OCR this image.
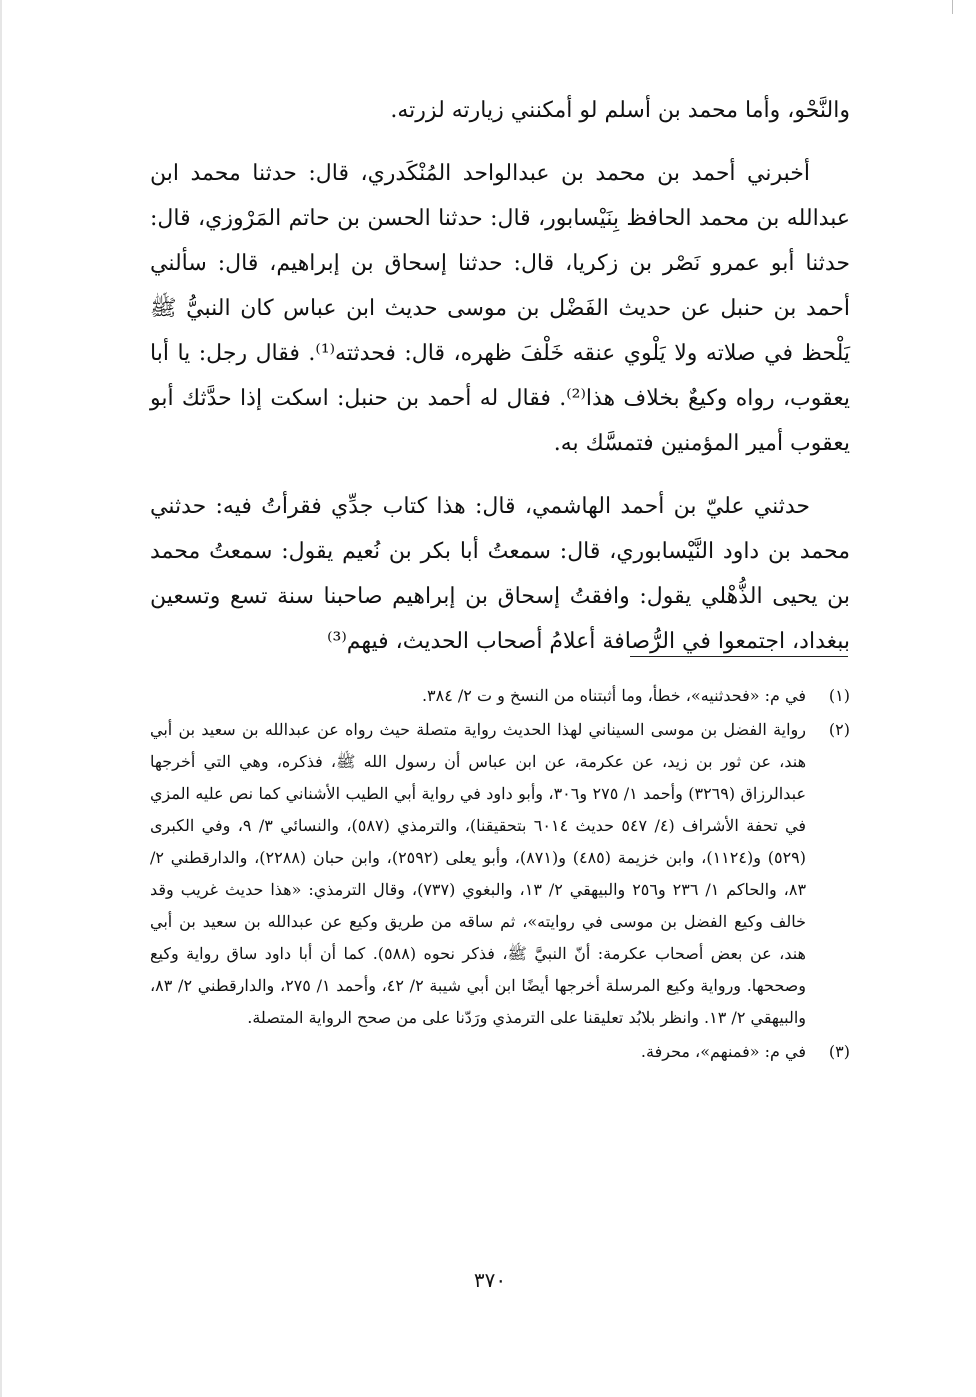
والنَّحْو، وأما محمد بن أسلم لو أمكنني زيارته لزرته.

أخبرني أحمد بن محمد بن عبدالواحد المُنْكَدري، قال: حدثنا محمد ابن عبدالله بن محمد الحافظ بِنَيْسابور، قال: حدثنا الحسن بن حاتم المَرْوزي، قال: حدثنا أبو عمرو نَصْر بن زكريا، قال: حدثنا إسحاق بن إبراهيم، قال: سألني أحمد بن حنبل عن حديث الفَضْل بن موسى حديث ابن عباس كان النبيُّ ﷺ يَلْحظ في صلاته ولا يَلْوي عنقه خَلْفَ ظهره، قال: فحدثته⁽¹⁾. فقال رجل: يا أبا يعقوب، رواه وكيعٌ بخلاف هذا⁽²⁾. فقال له أحمد بن حنبل: اسكت إذا حدَّثك أبو يعقوب أمير المؤمنين فتمسَّك به.

حدثني عليّ بن أحمد الهاشمي، قال: هذا كتاب جدِّي فقرأتُ فيه: حدثني محمد بن داود النَّيْسابوري، قال: سمعتُ أبا بكر بن نُعيم يقول: سمعتُ محمد بن يحيى الذُّهْلي يقول: وافقتُ إسحاق بن إبراهيم صاحبنا سنة تسع وتسعين ببغداد، اجتمعوا في الرُّصافة أعلامُ أصحاب الحديث، فيهم⁽³⁾

(١)
في م: «فحدثنيه»، خطأ، وما أثبتناه من النسخ و ت ٢/ ٣٨٤.
(٢)
رواية الفضل بن موسى السيناني لهذا الحديث رواية متصلة حيث رواه عن عبدالله بن سعيد بن أبي هند، عن ثور بن زيد، عن عكرمة، عن ابن عباس أن رسول الله ﷺ، فذكره، وهي التي أخرجها عبدالرزاق (٣٢٦٩) وأحمد ١/ ٢٧٥ و٣٠٦، وأبو داود في رواية أبي الطيب الأشناني كما نص عليه المزي في تحفة الأشراف (٤/ ٥٤٧ حديث ٦٠١٤ بتحقيقنا)، والترمذي (٥٨٧)، والنسائي ٣/ ٩، وفي الكبرى (٥٢٩) و(١١٢٤)، وابن خزيمة (٤٨٥) و(٨٧١)، وأبو يعلى (٢٥٩٢)، وابن حبان (٢٢٨٨)، والدارقطني ٢/ ٨٣، والحاكم ١/ ٢٣٦ و٢٥٦ والبيهقي ٢/ ١٣، والبغوي (٧٣٧)، وقال الترمذي: «هذا حديث غريب وقد خالف وكيع الفضل بن موسى في روايته»، ثم ساقه من طريق وكيع عن عبدالله بن سعيد بن أبي هند، عن بعض أصحاب عكرمة: أنّ النبيَّ ﷺ، فذكر نحوه (٥٨٨). كما أن أبا داود ساق رواية وكيع وصححها. ورواية وكيع المرسلة أخرجها أيضًا ابن أبي شيبة ٢/ ٤٢، وأحمد ١/ ٢٧٥، والدارقطني ٢/ ٨٣، والبيهقي ٢/ ١٣. وانظر بلابُد تعليقنا على الترمذي ورَدّنا على من صحح الرواية المتصلة.
(٣)
في م: «فمنهم»، محرفة.
٣٧٠
